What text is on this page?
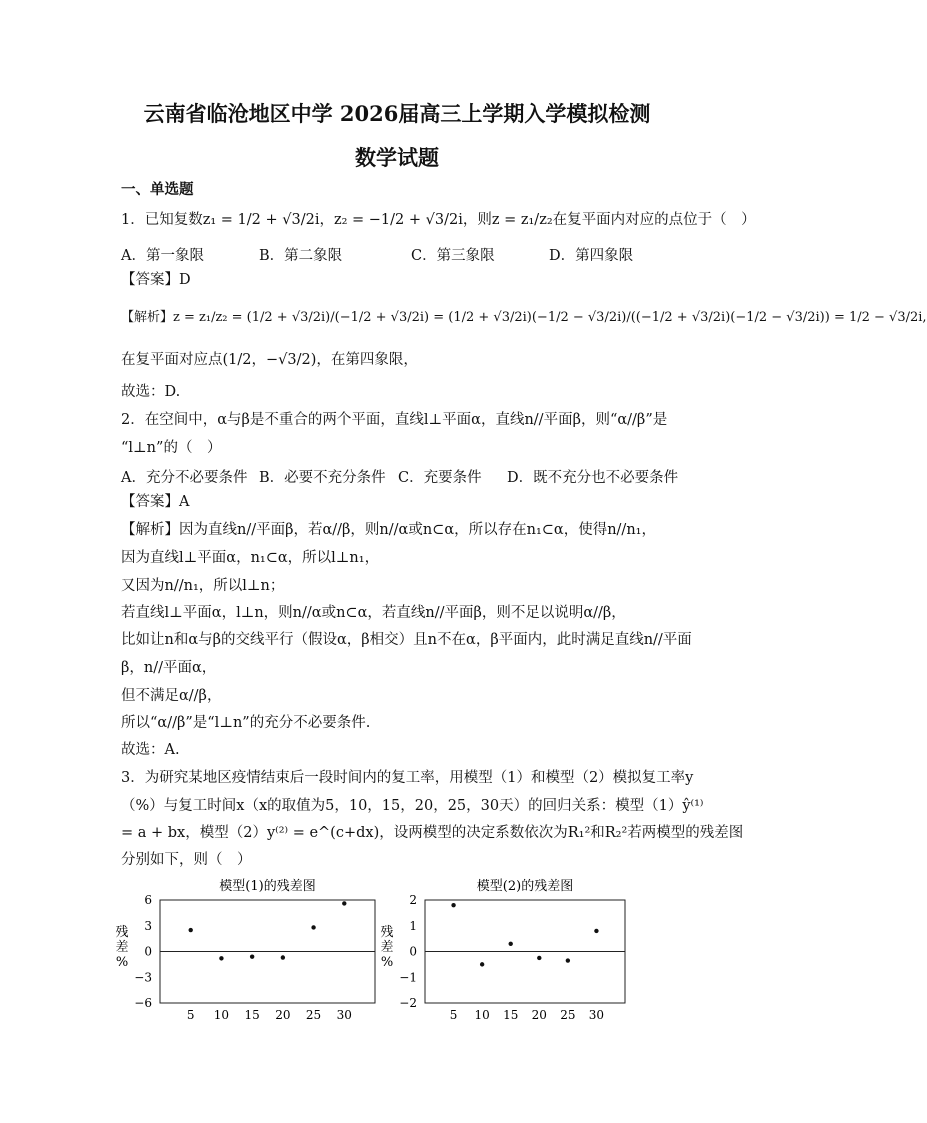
云南省临沧地区中学 2026届高三上学期入学模拟检测
数学试题
一、单选题
1．已知复数z₁ = 1/2 + √3/2i，z₂ = −1/2 + √3/2i，则z = z₁/z₂在复平面内对应的点位于（　）
A．第一象限	B．第二象限	C．第三象限	D．第四象限
【答案】D
【解析】z = z₁/z₂ = (1/2 + √3/2i)/(−1/2 + √3/2i) = (1/2 + √3/2i)(−1/2 − √3/2i)/((−1/2 + √3/2i)(−1/2 − √3/2i)) = 1/2 − √3/2i,
在复平面对应点(1/2，−√3/2)，在第四象限，
故选：D.
2．在空间中，α与β是不重合的两个平面，直线l⊥平面α，直线n//平面β，则“α//β”是
“l⊥n”的（　）
A．充分不必要条件 B．必要不充分条件 C．充要条件 D．既不充分也不必要条件
【答案】A
【解析】因为直线n//平面β，若α//β，则n//α或n⊂α，所以存在n₁⊂α，使得n//n₁，
因为直线l⊥平面α，n₁⊂α，所以l⊥n₁，
又因为n//n₁，所以l⊥n；
若直线l⊥平面α，l⊥n，则n//α或n⊂α，若直线n//平面β，则不足以说明α//β，
比如让n和α与β的交线平行（假设α，β相交）且n不在α，β平面内，此时满足直线n//平面
β，n//平面α，
但不满足α//β，
所以“α//β”是“l⊥n”的充分不必要条件.
故选：A.
3．为研究某地区疫情结束后一段时间内的复工率，用模型（1）和模型（2）模拟复工率y
（%）与复工时间x（x的取值为5，10，15，20，25，30天）的回归关系：模型（1）ŷ⁽¹⁾
= a + bx，模型（2）y⁽²⁾ = e^(c+dx)，设两模型的决定系数依次为R₁²和R₂²若两模型的残差图
分别如下，则（　）
模型(1)的残差图
6
3
0
−3
−6
残
差
%
5 10 15 20 25 30
模型(2)的残差图
2
1
0
−1
−2
残
差
%
5 10 15 20 25 30
